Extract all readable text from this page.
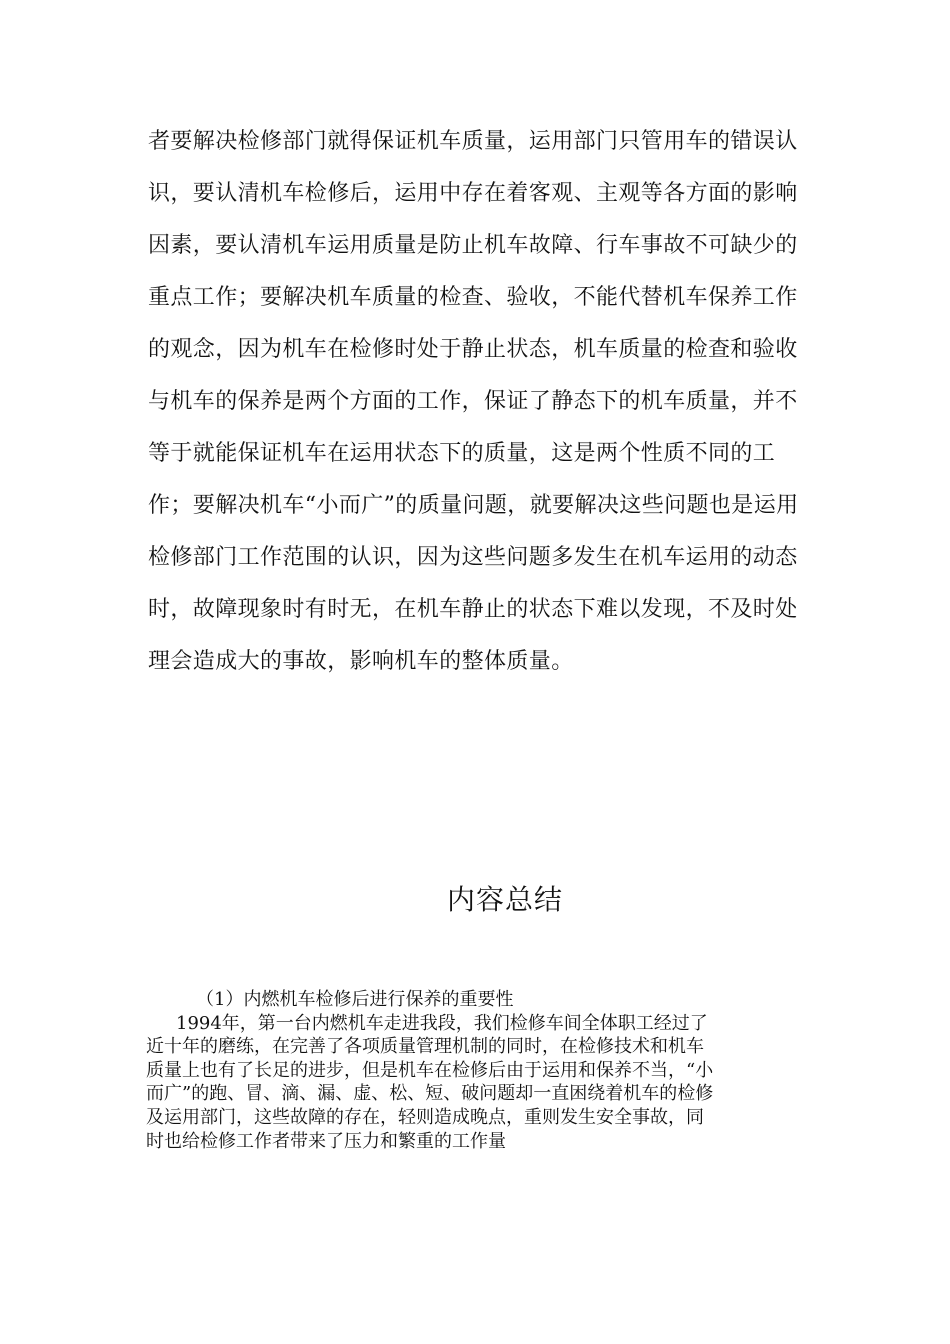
者要解决检修部门就得保证机车质量，运用部门只管用车的错误认
识，要认清机车检修后，运用中存在着客观、主观等各方面的影响
因素，要认清机车运用质量是防止机车故障、行车事故不可缺少的
重点工作；要解决机车质量的检查、验收，不能代替机车保养工作
的观念，因为机车在检修时处于静止状态，机车质量的检查和验收
与机车的保养是两个方面的工作，保证了静态下的机车质量，并不
等于就能保证机车在运用状态下的质量，这是两个性质不同的工
作；要解决机车“小而广”的质量问题，就要解决这些问题也是运用
检修部门工作范围的认识，因为这些问题多发生在机车运用的动态
时，故障现象时有时无，在机车静止的状态下难以发现，不及时处
理会造成大的事故，影响机车的整体质量。
内容总结
（1）内燃机车检修后进行保养的重要性
1994年，第一台内燃机车走进我段，我们检修车间全体职工经过了
近十年的磨练，在完善了各项质量管理机制的同时，在检修技术和机车
质量上也有了长足的进步，但是机车在检修后由于运用和保养不当，“小
而广”的跑、冒、滴、漏、虚、松、短、破问题却一直困绕着机车的检修
及运用部门，这些故障的存在，轻则造成晚点，重则发生安全事故，同
时也给检修工作者带来了压力和繁重的工作量
